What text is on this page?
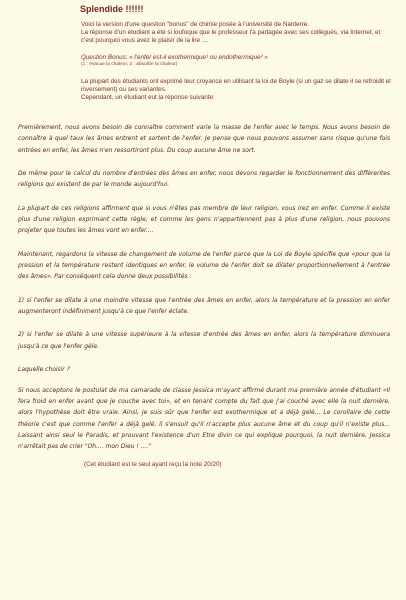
Splendide !!!!!!

Voici la version d'une question "bonus" de chimie posée à l'université de Nanterre.

La réponse d'un étudiant a été si loufoque que le professeur l'a partagée avec ses collègues, via Internet, et c'est pourquoi vous avez le plaisir de la lire ....

Question Bonus: « l'enfer est-il exothermique¹ ou endothermique² »
(1 : évacue la chaleur, 2 : absorbe la chaleur)

La plupart des étudiants ont exprimé leur croyance en utilisant la loi de Boyle (si un gaz se dilate il se refroidit et inversement) ou ses variantes.

Cependant, un étudiant eut la réponse suivante:

Premièrement, nous avons besoin de connaître comment varie la masse de l'enfer avec le temps. Nous avons besoin de connaître à quel taux les âmes entrent et sortent de l'enfer. Je pense que nous pouvons assumer sans risque qu'une fois entrées en enfer, les âmes n'en ressortiront plus. Du coup aucune âme ne sort.

De même pour le calcul du nombre d'entrées des âmes en enfer, nous devons regarder le fonctionnement des différentes religions qui existent de par le monde aujourd'hui.

La plupart de ces religions affirment que si vous n'êtes pas membre de leur religion, vous irez en enfer. Comme il existe plus d'une religion exprimant cette règle, et comme les gens n'appartiennent pas à plus d'une religion, nous pouvons projeter que toutes les âmes vont en enfer....

Maintenant, regardons la vitesse de changement de volume de l'enfer parce que la Loi de Boyle spécifie que «pour que la pression et la température restent identiques en enfer, le volume de l'enfer doit se dilater proportionnellement à l'entrée des âmes». Par conséquent cela donne deux possibilités :

1) si l'enfer se dilate à une moindre vitesse que l'entrée des âmes en enfer, alors la température et la pression en enfer augmenteront indéfiniment jusqu'à ce que l'enfer éclate.

2) si l'enfer se dilate à une vitesse supérieure à la vitesse d'entrée des âmes en enfer, alors la température diminuera jusqu'à ce que l'enfer gèle.

Laquelle choisir ?

Si nous acceptons le postulat de ma camarade de classe Jessica m'ayant affirmé durant ma première année d'étudiant «Il fera froid en enfer avant que je couche avec toi», et en tenant compte du fait que j'ai couché avec elle la nuit dernière, alors l'hypothèse doit être vraie. Ainsi, je suis sûr que l'enfer est exothermique et a déjà gelé... Le corollaire de cette théorie c'est que comme l'enfer a déjà gelé, il s'ensuit qu'il n'accepte plus aucune âme et du coup qu'il n'existe plus... Laissant ainsi seul le Paradis, et prouvant l'existence d'un Etre divin ce qui explique pourquoi, la nuit dernière, Jessica n'arrêtait pas de crier "Oh.... mon Dieu ! ...."

(Cet étudiant est le seul ayant reçu la note 20/20)
